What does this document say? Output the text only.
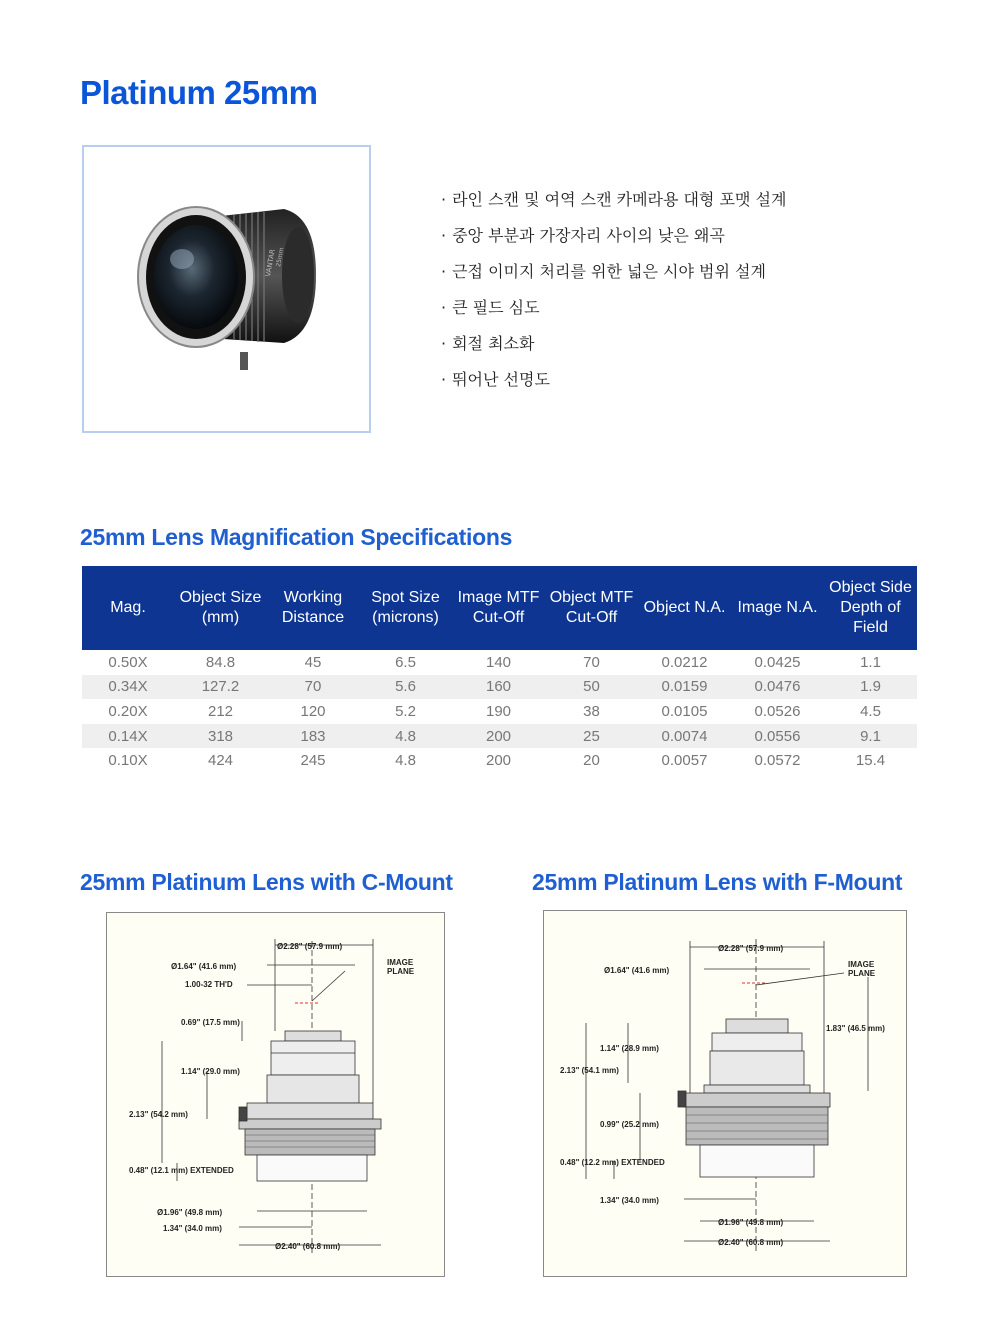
Platinum 25mm
VANTAR
25mm
· 라인 스캔 및 여역 스캔 카메라용 대형 포맷 설계
· 중앙 부분과 가장자리 사이의 낮은 왜곡
· 근접 이미지 처리를 위한 넓은 시야 범위 설계
· 큰 필드 심도
· 회절 최소화
· 뛰어난 선명도
25mm Lens Magnification Specifications
Mag.	Object Size (mm)	Working Distance	Spot Size (microns)	Image MTF Cut-Off	Object MTF Cut-Off	Object N.A.	Image N.A.	Object Side Depth of Field
0.50X	84.8	45	6.5	140	70	0.0212	0.0425	1.1
0.34X	127.2	70	5.6	160	50	0.0159	0.0476	1.9
0.20X	212	120	5.2	190	38	0.0105	0.0526	4.5
0.14X	318	183	4.8	200	25	0.0074	0.0556	9.1
0.10X	424	245	4.8	200	20	0.0057	0.0572	15.4
25mm Platinum Lens with C-Mount
Ø2.28" (57.9 mm)
Ø1.64" (41.6 mm)
1.00-32 TH'D
IMAGE
PLANE
0.69" (17.5 mm)
1.14" (29.0 mm)
2.13" (54.2 mm)
0.48" (12.1 mm) EXTENDED
Ø1.96" (49.8 mm)
1.34" (34.0 mm)
Ø2.40" (60.8 mm)
25mm Platinum Lens with F-Mount
Ø2.28" (57.9 mm)
Ø1.64" (41.6 mm)
IMAGE
PLANE
1.83" (46.5 mm)
1.14" (28.9 mm)
2.13" (54.1 mm)
0.99" (25.2 mm)
0.48" (12.2 mm) EXTENDED
1.34" (34.0 mm)
Ø1.96" (49.8 mm)
Ø2.40" (60.8 mm)
